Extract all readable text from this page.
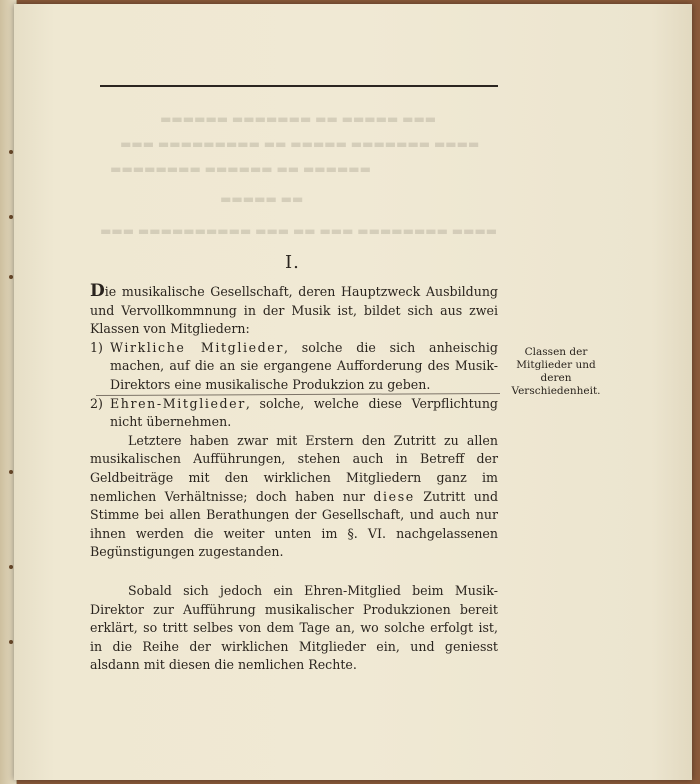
▬▬▬ ▬▬▬▬▬ ▬▬ ▬▬▬▬▬▬▬ ▬▬▬▬▬▬
▬▬▬▬ ▬▬▬▬▬▬▬ ▬▬▬▬▬ ▬▬ ▬▬▬▬▬▬▬▬▬ ▬▬▬
▬▬▬▬▬▬ ▬▬ ▬▬▬▬▬▬ ▬▬▬▬▬▬▬▬
▬▬ ▬▬▬▬▬
▬▬▬▬ ▬▬▬▬▬▬▬▬ ▬▬▬ ▬▬ ▬▬▬ ▬▬▬▬▬▬▬▬▬▬ ▬▬▬
I.

Die musikalische Gesellschaft, deren Hauptzweck Ausbildung und Vervollkommnung in der Musik ist, bildet sich aus zwei Klassen von Mitgliedern:

1) Wirkliche Mitglieder, solche die sich anheischig machen, auf die an sie ergangene Aufforderung des Musik-Direktors eine musikalische Produkzion zu geben.
2) Ehren-Mitglieder, solche, welche diese Verpflichtung nicht übernehmen.

Letztere haben zwar mit Erstern den Zutritt zu allen musikalischen Aufführungen, stehen auch in Betreff der Geldbeiträge mit den wirklichen Mitgliedern ganz im nemlichen Verhältnisse; doch haben nur diese Zutritt und Stimme bei allen Berathungen der Gesellschaft, und auch nur ihnen werden die weiter unten im §. VI. nachgelassenen Begünstigungen zugestanden.

Sobald sich jedoch ein Ehren-Mitglied beim Musik-Direktor zur Aufführung musikalischer Produkzionen bereit erklärt, so tritt selbes von dem Tage an, wo solche erfolgt ist, in die Reihe der wirklichen Mitglieder ein, und geniesst alsdann mit diesen die nemlichen Rechte.

Classen der Mitglieder und deren Verschiedenheit.
